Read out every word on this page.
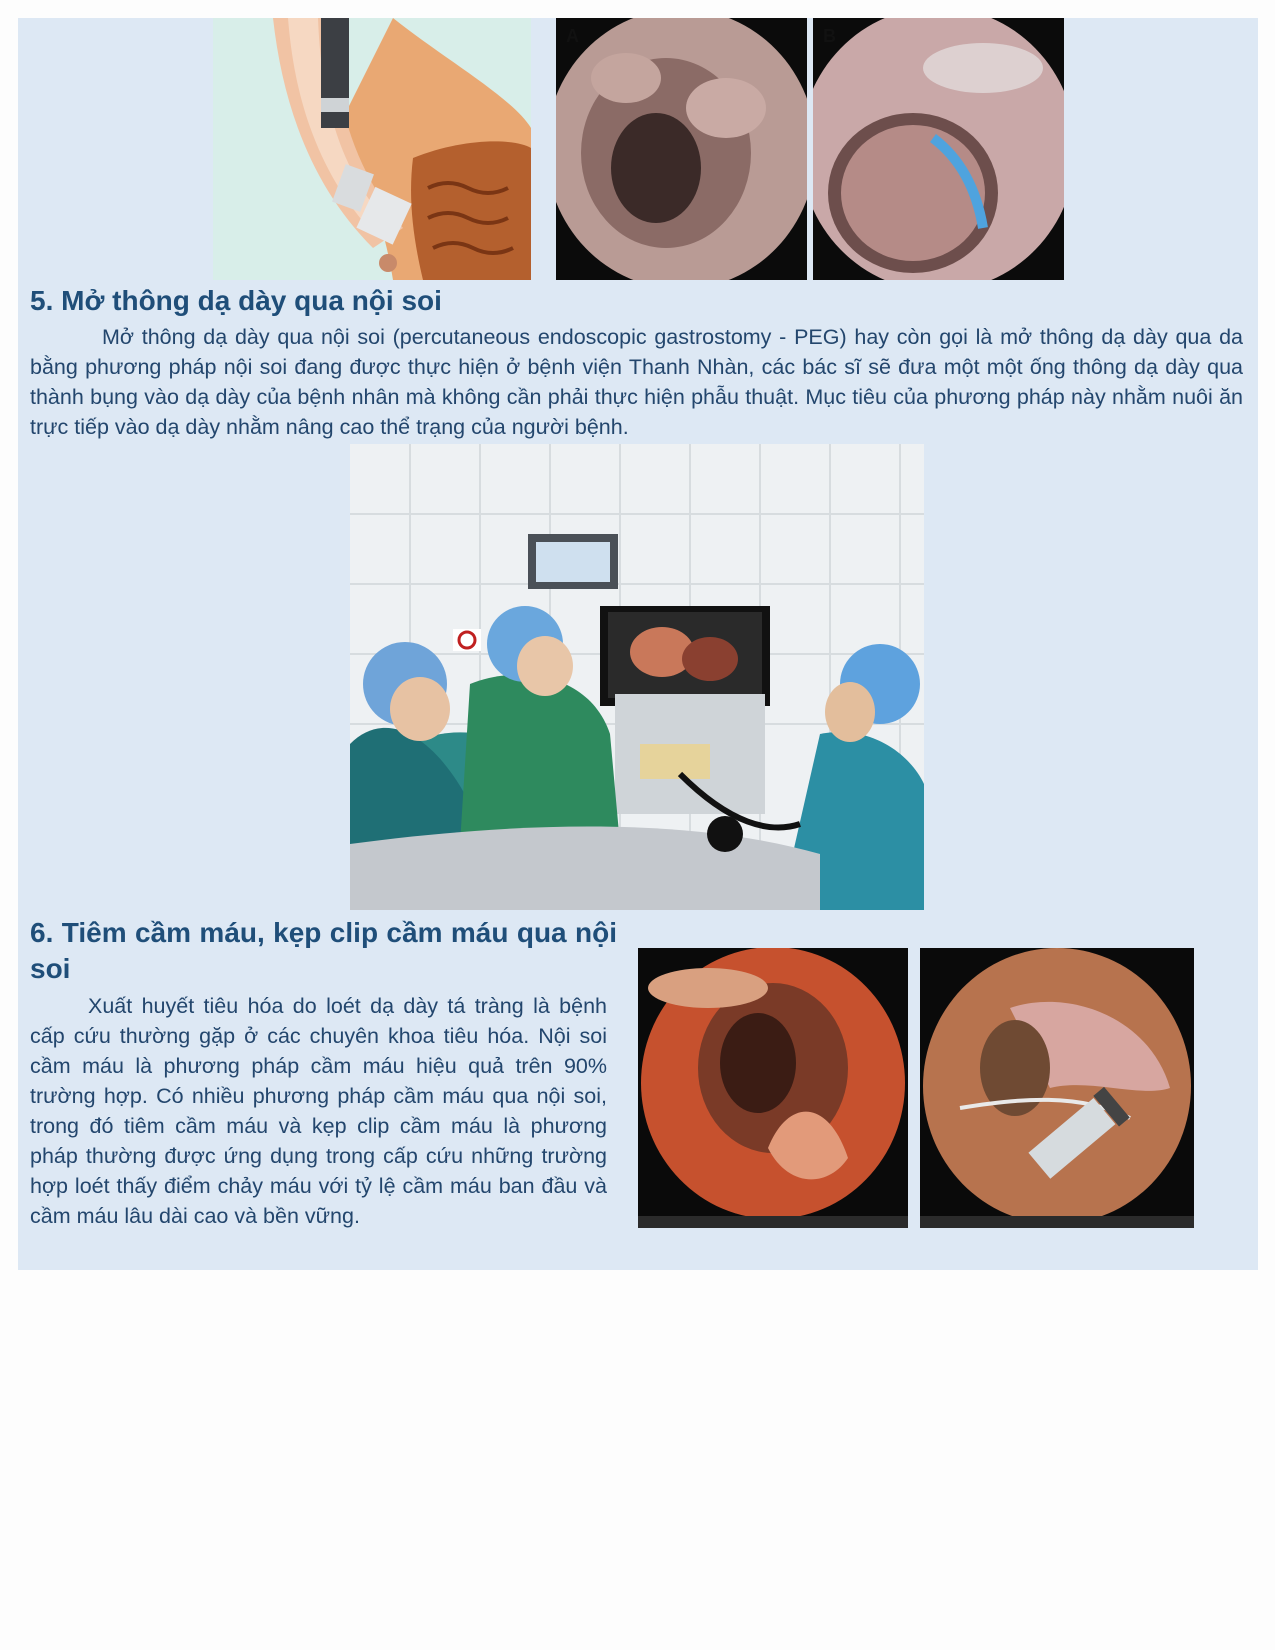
A	B
5. Mở thông dạ dày qua nội soi

Mở thông dạ dày qua nội soi (percutaneous endoscopic gastrostomy - PEG) hay còn gọi là mở thông dạ dày qua da bằng phương pháp nội soi đang được thực hiện ở bệnh viện Thanh Nhàn, các bác sĩ sẽ đưa một một ống thông dạ dày qua thành bụng vào dạ dày của bệnh nhân mà không cần phải thực hiện phẫu thuật. Mục tiêu của phương pháp này nhằm nuôi ăn trực tiếp vào dạ dày nhằm nâng cao thể trạng của người bệnh.

6. Tiêm cầm máu, kẹp clip cầm máu qua nội soi

Xuất huyết tiêu hóa do loét dạ dày tá tràng là bệnh cấp cứu thường gặp ở các chuyên khoa tiêu hóa. Nội soi cầm máu là phương pháp cầm máu hiệu quả trên 90% trường hợp. Có nhiều phương pháp cầm máu qua nội soi, trong đó tiêm cầm máu và kẹp clip cầm máu là phương pháp thường được ứng dụng trong cấp cứu những trường hợp loét thấy điểm chảy máu với tỷ lệ cầm máu ban đầu và cầm máu lâu dài cao và bền vững.
